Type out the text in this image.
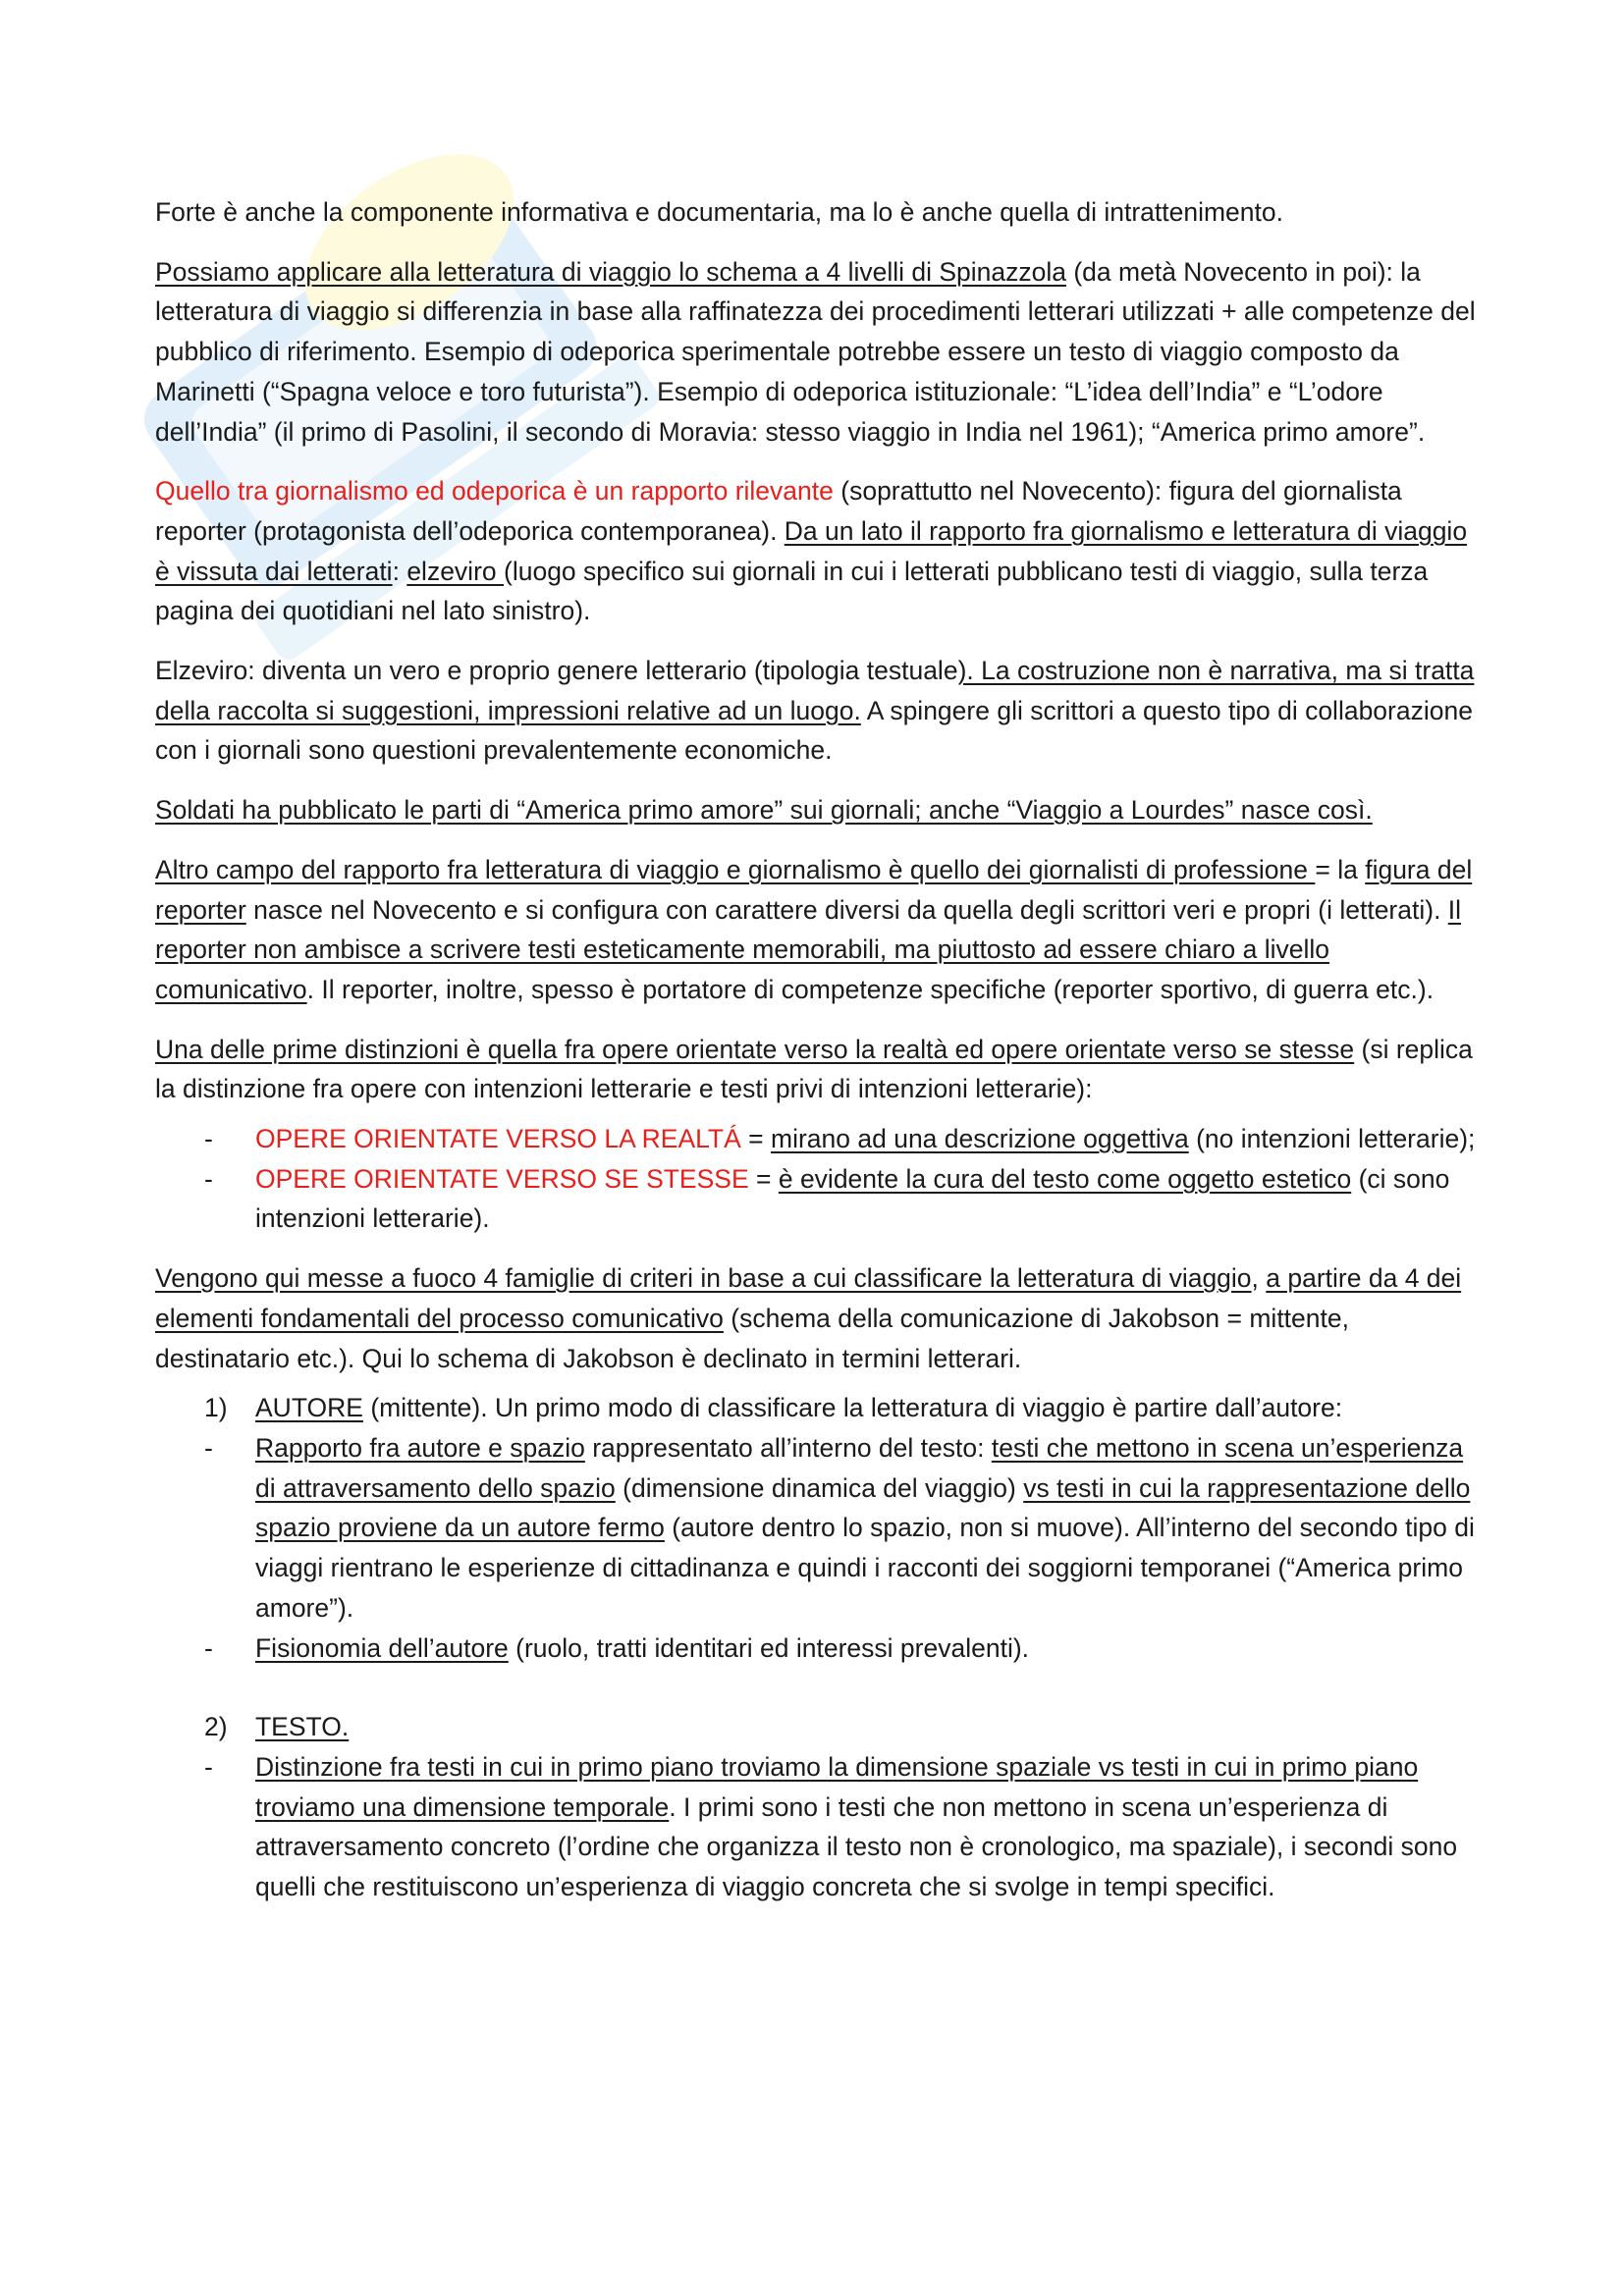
Forte è anche la componente informativa e documentaria, ma lo è anche quella di intrattenimento.

Possiamo applicare alla letteratura di viaggio lo schema a 4 livelli di Spinazzola (da metà Novecento in poi): la letteratura di viaggio si differenzia in base alla raffinatezza dei procedimenti letterari utilizzati + alle competenze del pubblico di riferimento. Esempio di odeporica sperimentale potrebbe essere un testo di viaggio composto da Marinetti (“Spagna veloce e toro futurista”). Esempio di odeporica istituzionale: “L’idea dell’India” e “L’odore dell’India” (il primo di Pasolini, il secondo di Moravia: stesso viaggio in India nel 1961); “America primo amore”.

Quello tra giornalismo ed odeporica è un rapporto rilevante (soprattutto nel Novecento): figura del giornalista reporter (protagonista dell’odeporica contemporanea). Da un lato il rapporto fra giornalismo e letteratura di viaggio è vissuta dai letterati: elzeviro (luogo specifico sui giornali in cui i letterati pubblicano testi di viaggio, sulla terza pagina dei quotidiani nel lato sinistro).

Elzeviro: diventa un vero e proprio genere letterario (tipologia testuale). La costruzione non è narrativa, ma si tratta della raccolta si suggestioni, impressioni relative ad un luogo. A spingere gli scrittori a questo tipo di collaborazione con i giornali sono questioni prevalentemente economiche.

Soldati ha pubblicato le parti di “America primo amore” sui giornali; anche “Viaggio a Lourdes” nasce così.

Altro campo del rapporto fra letteratura di viaggio e giornalismo è quello dei giornalisti di professione = la figura del reporter nasce nel Novecento e si configura con carattere diversi da quella degli scrittori veri e propri (i letterati). Il reporter non ambisce a scrivere testi esteticamente memorabili, ma piuttosto ad essere chiaro a livello comunicativo. Il reporter, inoltre, spesso è portatore di competenze specifiche (reporter sportivo, di guerra etc.).

Una delle prime distinzioni è quella fra opere orientate verso la realtà ed opere orientate verso se stesse (si replica la distinzione fra opere con intenzioni letterarie e testi privi di intenzioni letterarie):

- OPERE ORIENTATE VERSO LA REALTÁ = mirano ad una descrizione oggettiva (no intenzioni letterarie);

- OPERE ORIENTATE VERSO SE STESSE = è evidente la cura del testo come oggetto estetico (ci sono intenzioni letterarie).

Vengono qui messe a fuoco 4 famiglie di criteri in base a cui classificare la letteratura di viaggio, a partire da 4 dei elementi fondamentali del processo comunicativo (schema della comunicazione di Jakobson = mittente, destinatario etc.). Qui lo schema di Jakobson è declinato in termini letterari.

1) AUTORE (mittente). Un primo modo di classificare la letteratura di viaggio è partire dall’autore:

- Rapporto fra autore e spazio rappresentato all’interno del testo: testi che mettono in scena un’esperienza di attraversamento dello spazio (dimensione dinamica del viaggio) vs testi in cui la rappresentazione dello spazio proviene da un autore fermo (autore dentro lo spazio, non si muove). All’interno del secondo tipo di viaggi rientrano le esperienze di cittadinanza e quindi i racconti dei soggiorni temporanei (“America primo amore”).

- Fisionomia dell’autore (ruolo, tratti identitari ed interessi prevalenti).

2) TESTO.

- Distinzione fra testi in cui in primo piano troviamo la dimensione spaziale vs testi in cui in primo piano troviamo una dimensione temporale. I primi sono i testi che non mettono in scena un’esperienza di attraversamento concreto (l’ordine che organizza il testo non è cronologico, ma spaziale), i secondi sono quelli che restituiscono un’esperienza di viaggio concreta che si svolge in tempi specifici.
